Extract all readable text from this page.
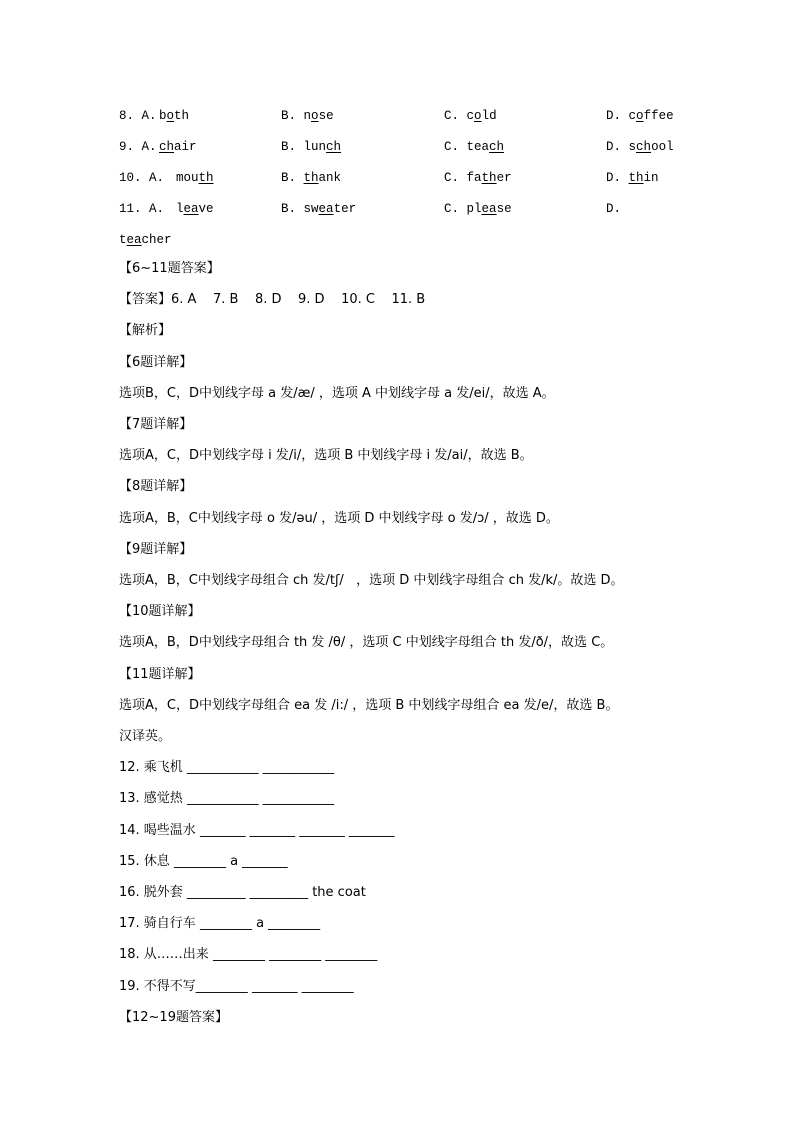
8. A. both	B. nose	C. cold	D. coffee
9. A. chair	B. lunch	C. teach	D. school
10. A. mouth	B. thank	C. father	D. thin
11. A. leave	B. sweater	C. please	D.
teacher
【6~11题答案】
【答案】6. A    7. B    8. D    9. D    10. C    11. B
【解析】
【6题详解】
选项B，C，D中划线字母 a 发/æ/ ，选项 A 中划线字母 a 发/ei/，故选 A。
【7题详解】
选项A，C，D中划线字母 i 发/i/，选项 B 中划线字母 i 发/ai/，故选 B。
【8题详解】
选项A，B，C中划线字母 o 发/əu/ ，选项 D 中划线字母 o 发/ɔ/ ，故选 D。
【9题详解】
选项A，B，C中划线字母组合 ch 发/tʃ/   ，选项 D 中划线字母组合 ch 发/k/。故选 D。
【10题详解】
选项A，B，D中划线字母组合 th 发 /θ/ ，选项 C 中划线字母组合 th 发/ð/，故选 C。
【11题详解】
选项A，C，D中划线字母组合 ea 发 /i:/ ，选项 B 中划线字母组合 ea 发/e/，故选 B。
汉译英。
12. 乘飞机 ___________ ___________
13. 感觉热 ___________ ___________
14. 喝些温水 _______ _______ _______ _______
15. 休息 ________ a _______
16. 脱外套 _________ _________ the coat
17. 骑自行车 ________ a ________
18. 从……出来 ________ ________ ________
19. 不得不写________ _______ ________
【12~19题答案】
